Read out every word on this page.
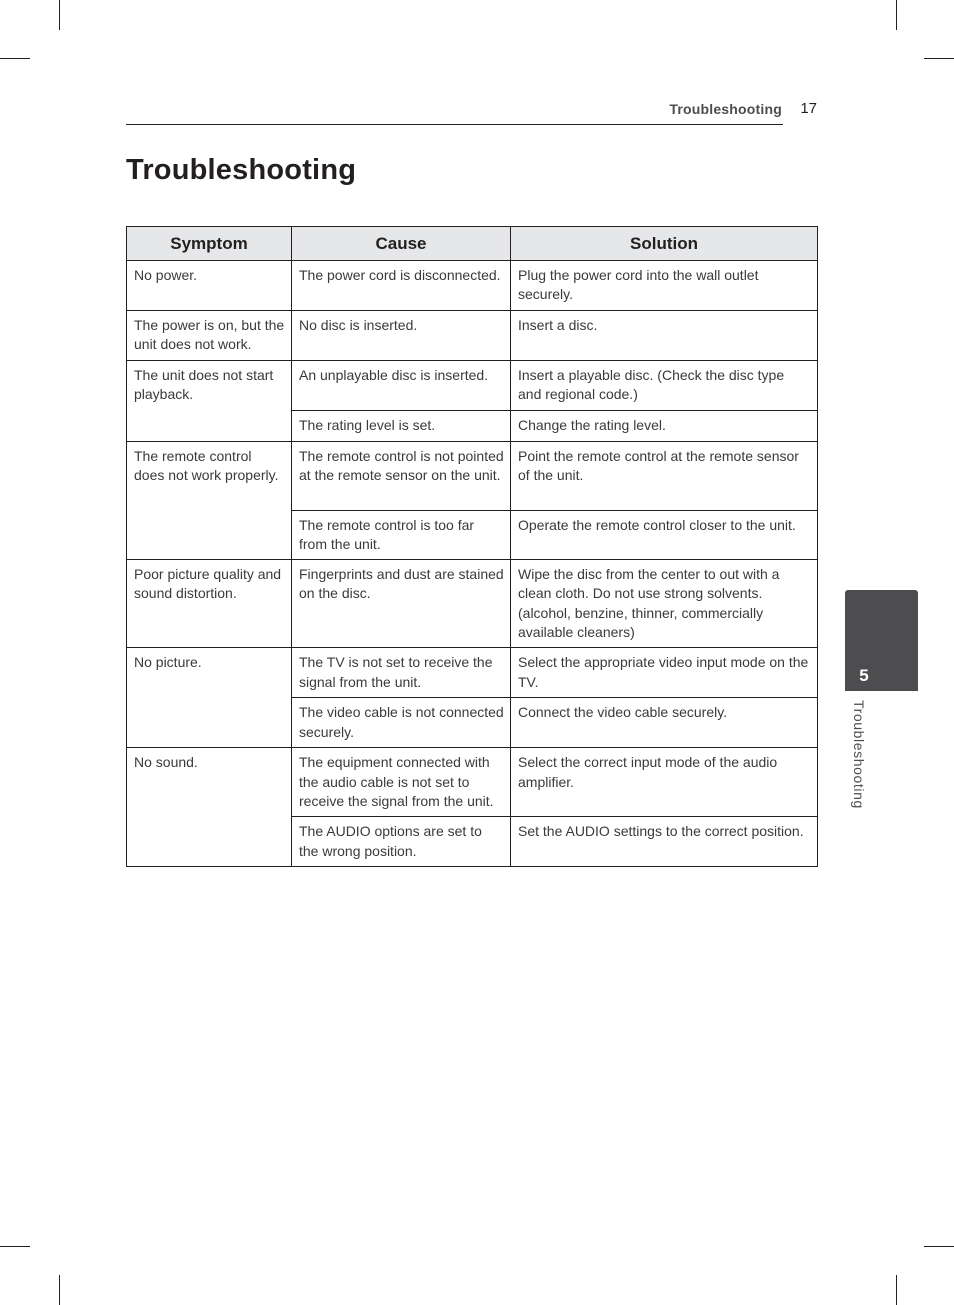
Troubleshooting 17
Troubleshooting
Symptom	Cause	Solution
No power.	The power cord is disconnected.	Plug the power cord into the wall outlet securely.
The power is on, but the unit does not work.	No disc is inserted.	Insert a disc.
The unit does not start playback.	An unplayable disc is inserted.	Insert a playable disc. (Check the disc type and regional code.)
	The rating level is set.	Change the rating level.
The remote control does not work properly.	The remote control is not pointed at the remote sensor on the unit.	Point the remote control at the remote sensor of the unit.
	The remote control is too far from the unit.	Operate the remote control closer to the unit.
Poor picture quality and sound distortion.	Fingerprints and dust are stained on the disc.	Wipe the disc from the center to out with a clean cloth. Do not use strong solvents. (alcohol, benzine, thinner, commercially available cleaners)
No picture.	The TV is not set to receive the signal from the unit.	Select the appropriate video input mode on the TV.
	The video cable is not connected securely.	Connect the video cable securely.
No sound.	The equipment connected with the audio cable is not set to receive the signal from the unit.	Select the correct input mode of the audio amplifier.
	The AUDIO options are set to the wrong position.	Set the AUDIO settings to the correct position.
5
Troubleshooting
